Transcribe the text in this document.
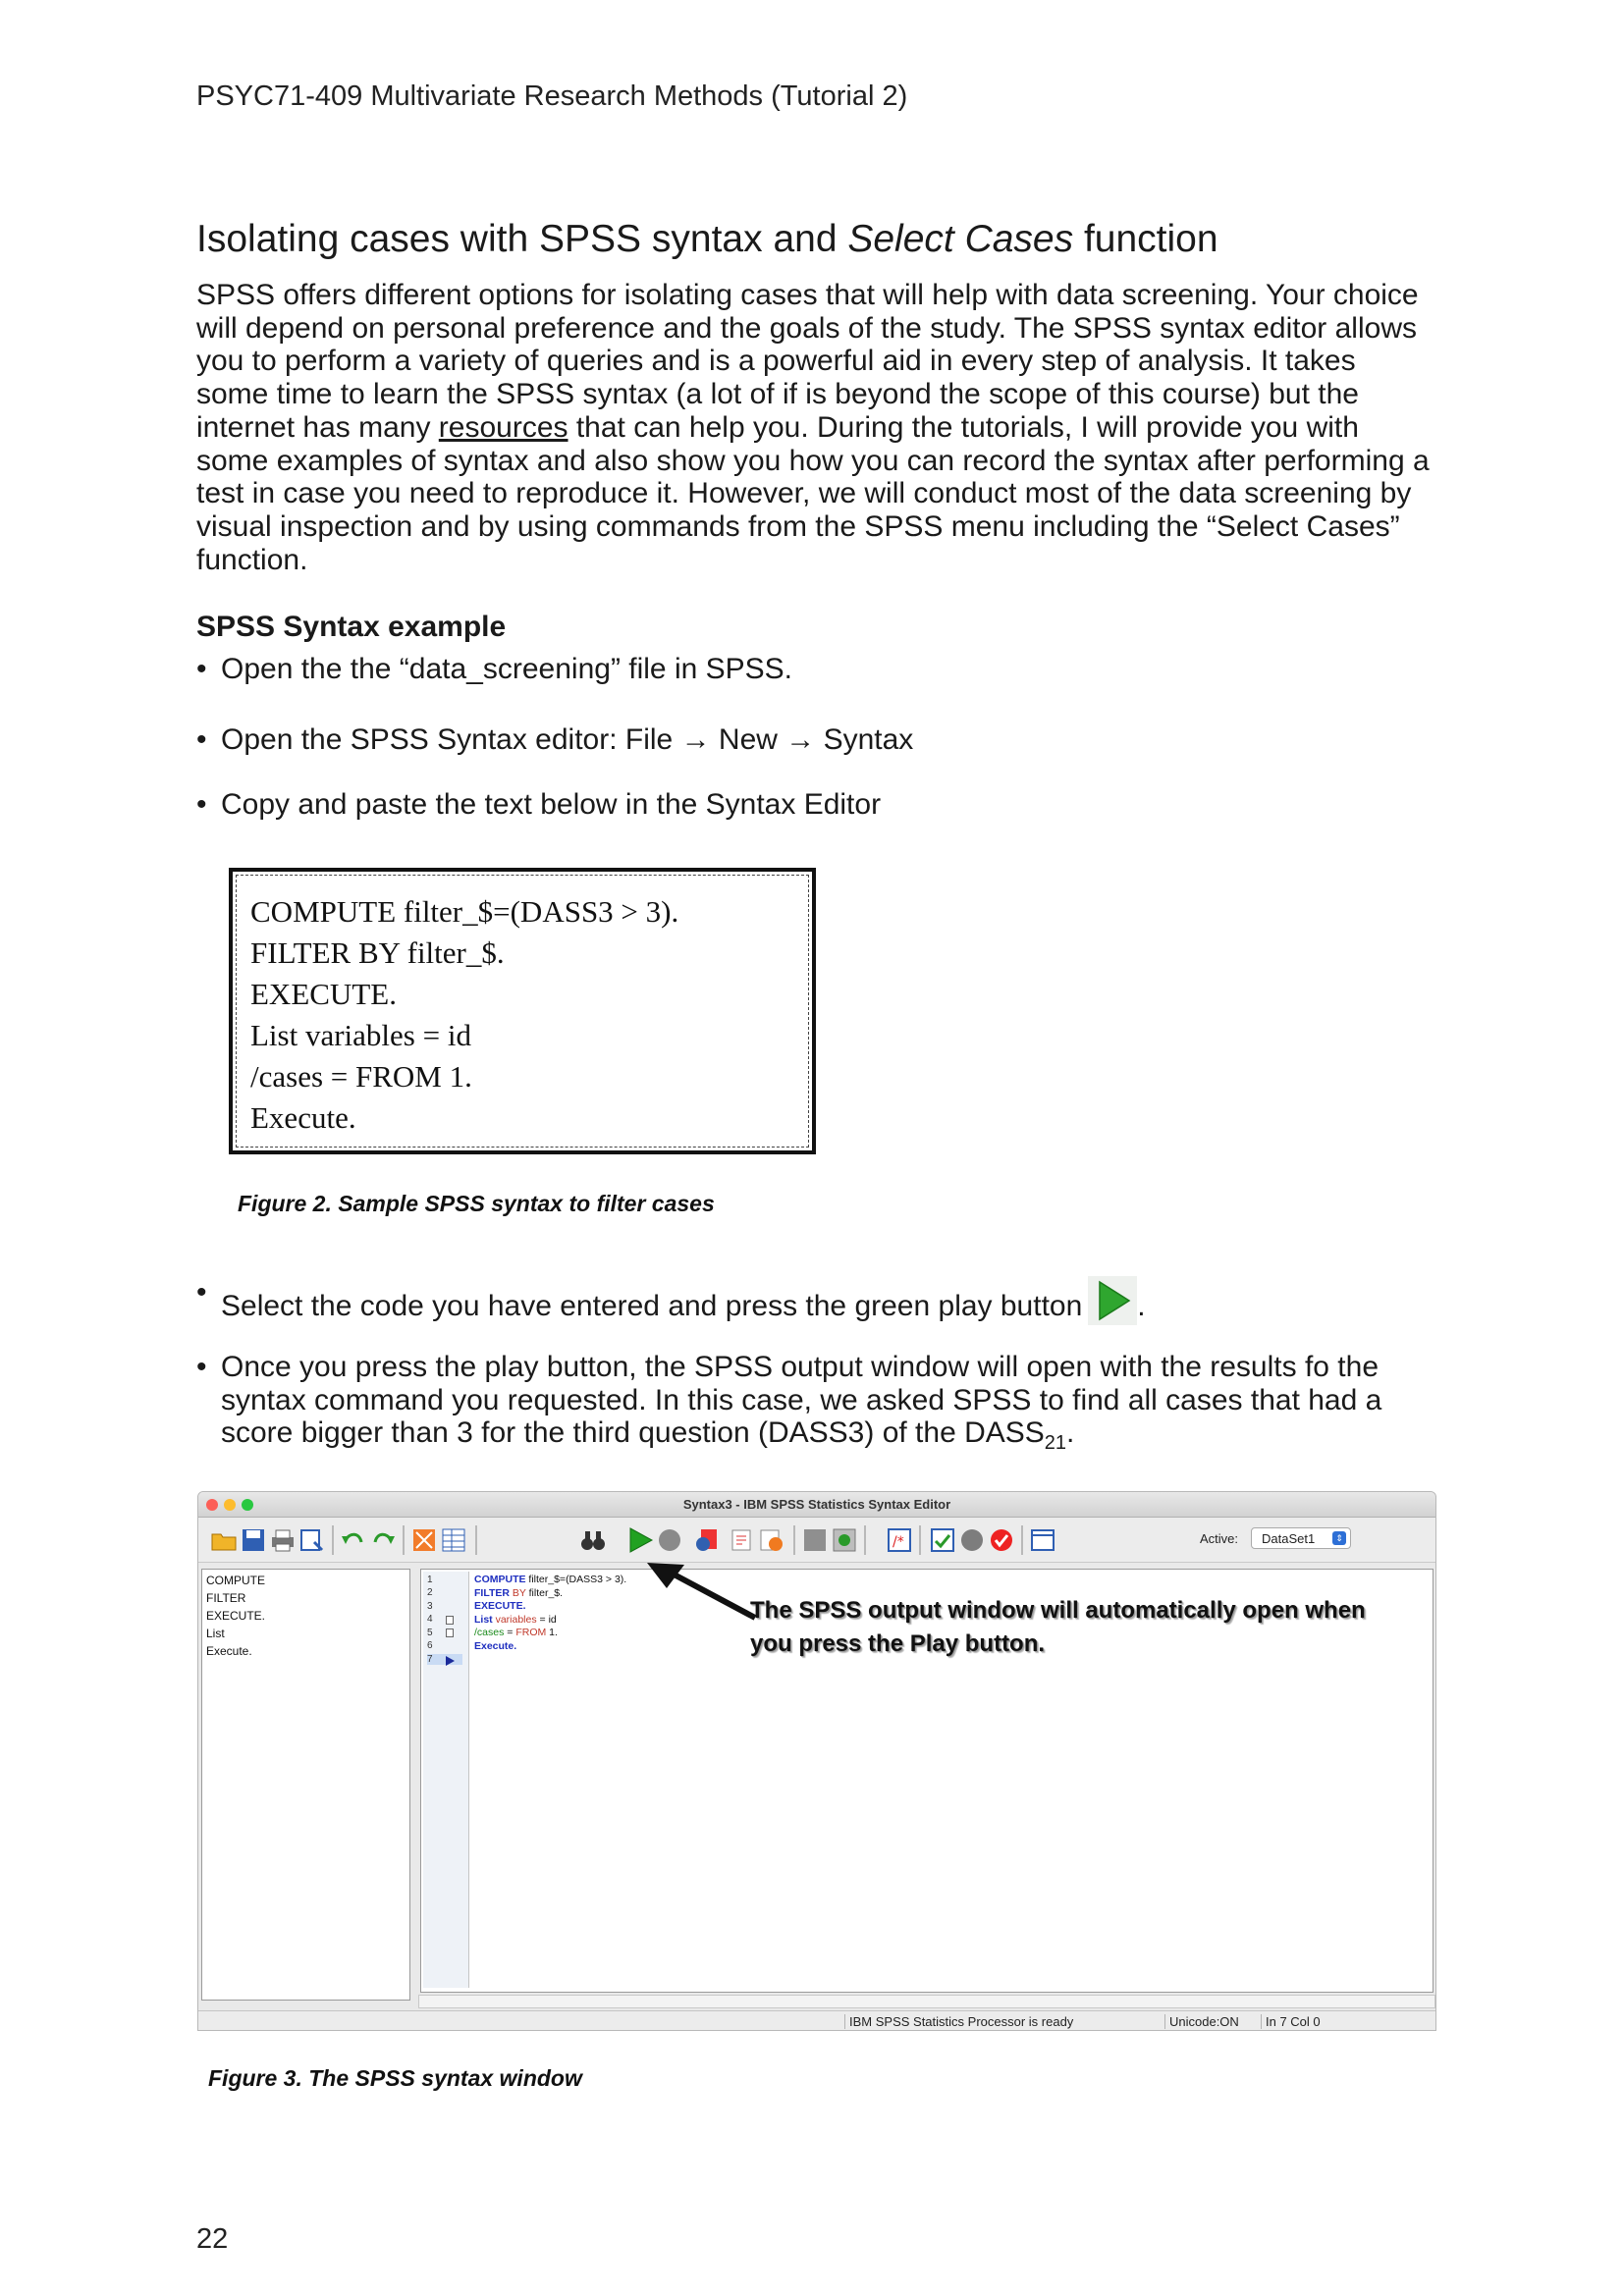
PSYC71-409 Multivariate Research Methods (Tutorial 2)
Isolating cases with SPSS syntax and Select Cases function

SPSS offers different options for isolating cases that will help with data screening. Your choice will depend on personal preference and the goals of the study. The SPSS syntax editor allows you to perform a variety of queries and is a powerful aid in every step of analysis. It takes some time to learn the SPSS syntax (a lot of if is beyond the scope of this course) but the internet has many resources that can help you. During the tutorials, I will provide you with some examples of syntax and also show you how you can record the syntax after performing a test in case you need to reproduce it. However, we will conduct most of the data screening by visual inspection and by using commands from the SPSS menu including the “Select Cases” function.

SPSS Syntax example
• Open the the “data_screening” file in SPSS.
• Open the SPSS Syntax editor: File → New → Syntax
• Copy and paste the text below in the Syntax Editor
COMPUTE filter_$=(DASS3 > 3).
FILTER BY filter_$.
EXECUTE.
List variables = id
/cases = FROM 1.
Execute.
Figure 2. Sample SPSS syntax to filter cases
• Select the code you have entered and press the green play button .
• Once you press the play button, the SPSS output window will open with the results fo the syntax command you requested. In this case, we asked SPSS to find all cases that had a score bigger than 3 for the third question (DASS3) of the $DASS_{21}$.
Syntax3 - IBM SPSS Statistics Syntax Editor
/*	Active:	DataSet1	⇕
COMPUTE
FILTER
EXECUTE.
List
Execute.
1
2
3
4
5
6
7
COMPUTE filter_$=(DASS3 > 3).
FILTER BY filter_$.
EXECUTE.
List variables = id
/cases = FROM 1.
Execute.
The SPSS output window will automatically open when
you press the Play button.
IBM SPSS Statistics Processor is ready	Unicode:ON	In 7 Col 0
Figure 3. The SPSS syntax window
22
